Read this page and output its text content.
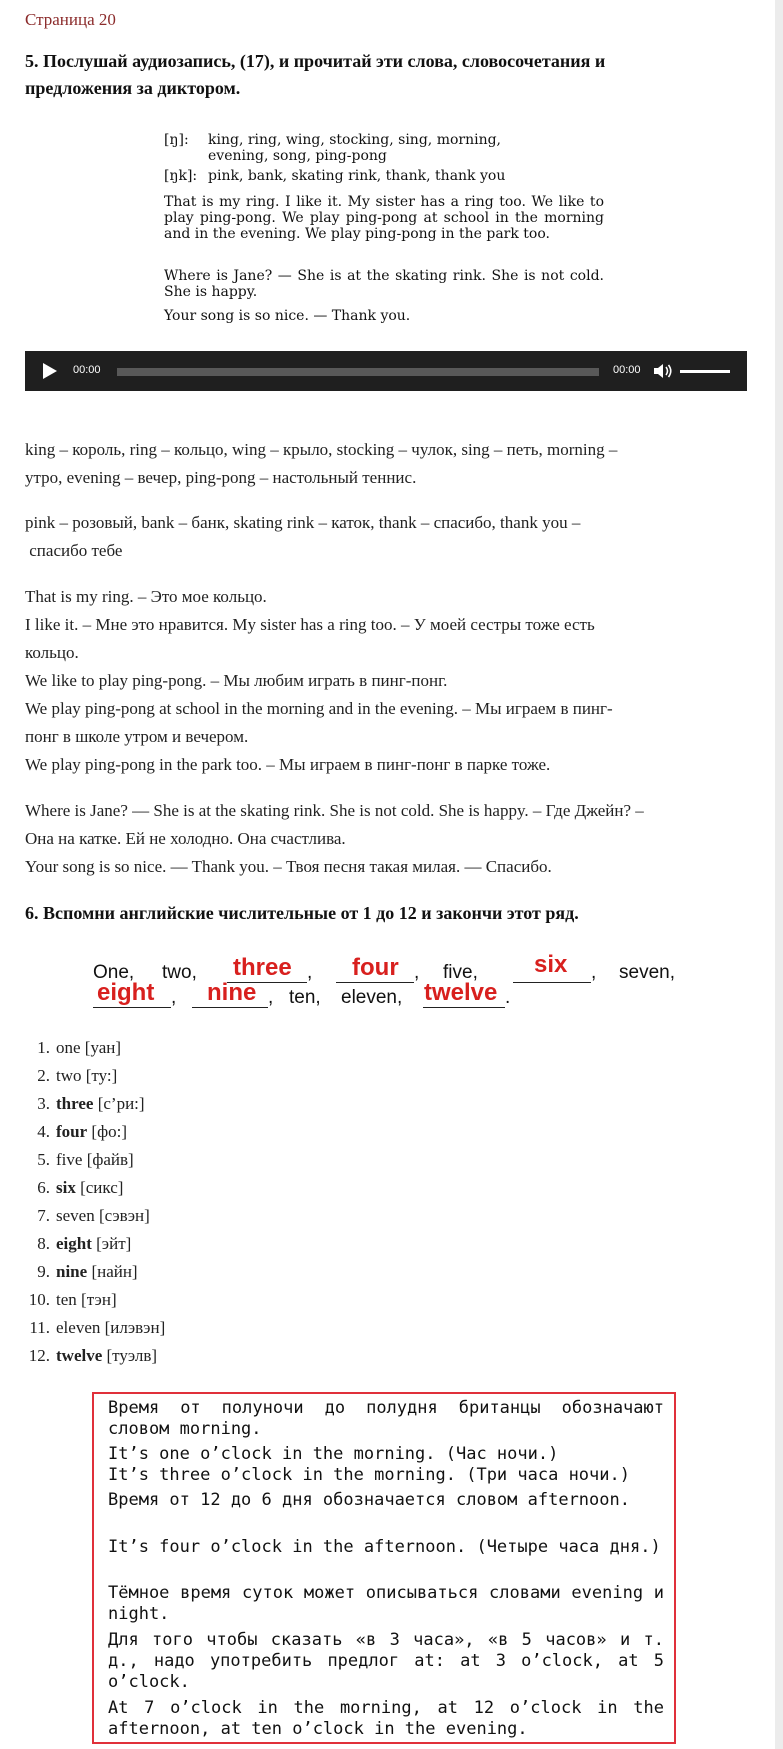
Страница 20
5. Послушай аудиозапись, (17), и прочитай эти слова, словосочетания и
предложения за диктором.
[ŋ]: king, ring, wing, stocking, sing, morning,
evening, song, ping-pong
[ŋk]: pink, bank, skating rink, thank, thank you

That is my ring. I like it. My sister has a ring too. We like to play ping-pong. We play ping-pong at school in the morning and in the evening. We play ping-pong in the park too.

Where is Jane? — She is at the skating rink. She is not cold. She is happy.

Your song is so nice. — Thank you.

00:00	00:00
king – король, ring – кольцо, wing – крыло, stocking – чулок, sing – петь, morning –
утро, evening – вечер, ping-pong – настольный теннис.
pink – розовый, bank – банк, skating rink – каток, thank – спасибо, thank you –
спасибо тебе
That is my ring. – Это мое кольцо.
I like it. – Мне это нравится. My sister has a ring too. – У моей сестры тоже есть
кольцо.
We like to play ping-pong. – Мы любим играть в пинг-понг.
We play ping-pong at school in the morning and in the evening. – Мы играем в пинг-
понг в школе утром и вечером.
We play ping-pong in the park too. – Мы играем в пинг-понг в парке тоже.
Where is Jane? — She is at the skating rink. She is not cold. She is happy. – Где Джейн? –
Она на катке. Ей не холодно. Она счастлива.
Your song is so nice. — Thank you. – Твоя песня такая милая. — Спасибо.
6. Вспомни английские числительные от 1 до 12 и закончи этот ряд.
One, two, three , four , five, six , seven,
eight , nine , ten, eleven, twelve .
1. one [уан]
2. two [ту:]
3. three [с’ри:]
4. four [фо:]
5. five [файв]
6. six [сикс]
7. seven [сэвэн]
8. eight [эйт]
9. nine [найн]
10. ten [тэн]
11. eleven [илэвэн]
12. twelve [туэлв]

Время от полуночи до полудня британцы обозначают словом morning.

It’s one o’clock in the morning. (Час ночи.)

It’s three o’clock in the morning. (Три часа ночи.)

Время от 12 до 6 дня обозначается словом afternoon.

It’s four o’clock in the afternoon. (Четыре часа дня.)

Тёмное время суток может описываться словами evening и night.

Для того чтобы сказать «в 3 часа», «в 5 часов» и т. д., надо употребить предлог at: at 3 o’clock, at 5 o’clock.

At 7 o’clock in the morning, at 12 o’clock in the afternoon, at ten o’clock in the evening.
